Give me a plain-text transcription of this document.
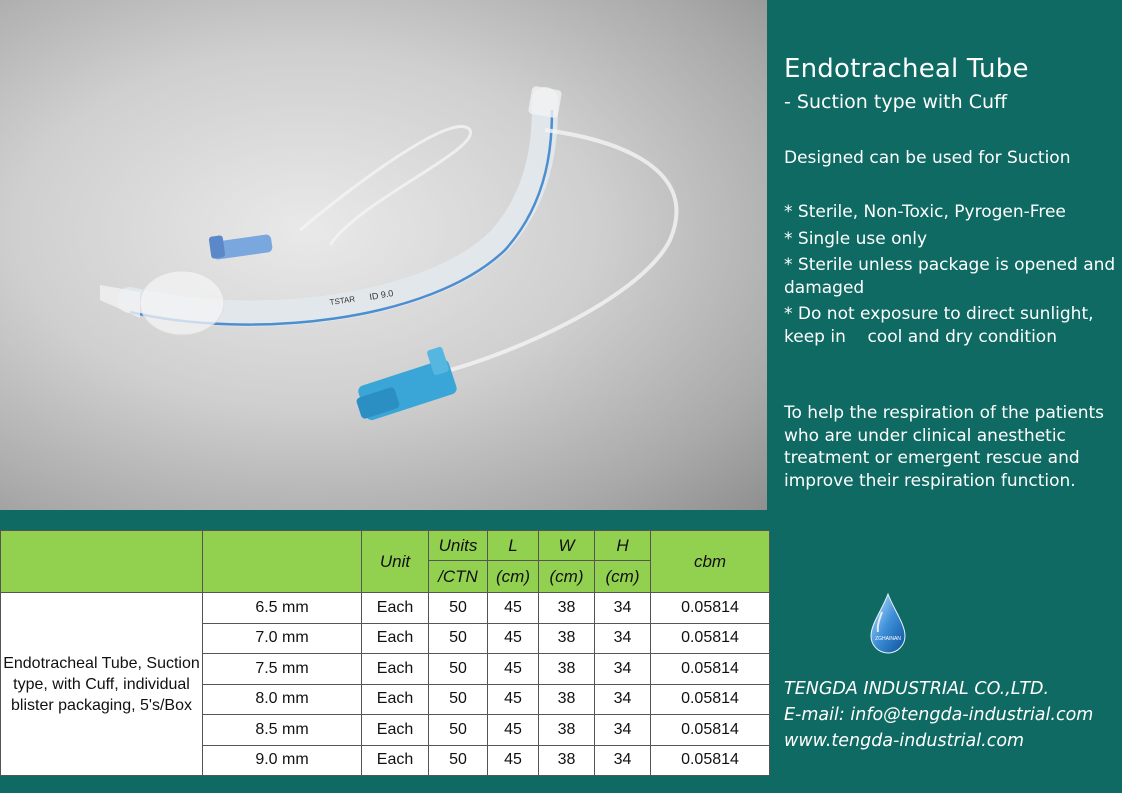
ID 9.0
TSTAR
Endotracheal Tube
- Suction type with Cuff
Designed can be used for Suction
* Sterile, Non-Toxic, Pyrogen-Free
* Single use only
* Sterile unless package is opened and damaged
* Do not exposure to direct sunlight, keep in    cool and dry condition
To help the respiration of the patients who are under clinical anesthetic treatment or emergent rescue and improve their respiration function.
ZGHAINAN
TENGDA INDUSTRIAL CO.,LTD.
E-mail: info@tengda-industrial.com
www.tengda-industrial.com
		Unit	Units	L	W	H	cbm
			/CTN	(cm)	(cm)	(cm)	
Endotracheal Tube, Suction type, with Cuff, individual blister packaging, 5's/Box	6.5 mm	Each	50	45	38	34	0.05814
	7.0 mm	Each	50	45	38	34	0.05814
	7.5 mm	Each	50	45	38	34	0.05814
	8.0 mm	Each	50	45	38	34	0.05814
	8.5 mm	Each	50	45	38	34	0.05814
	9.0 mm	Each	50	45	38	34	0.05814
